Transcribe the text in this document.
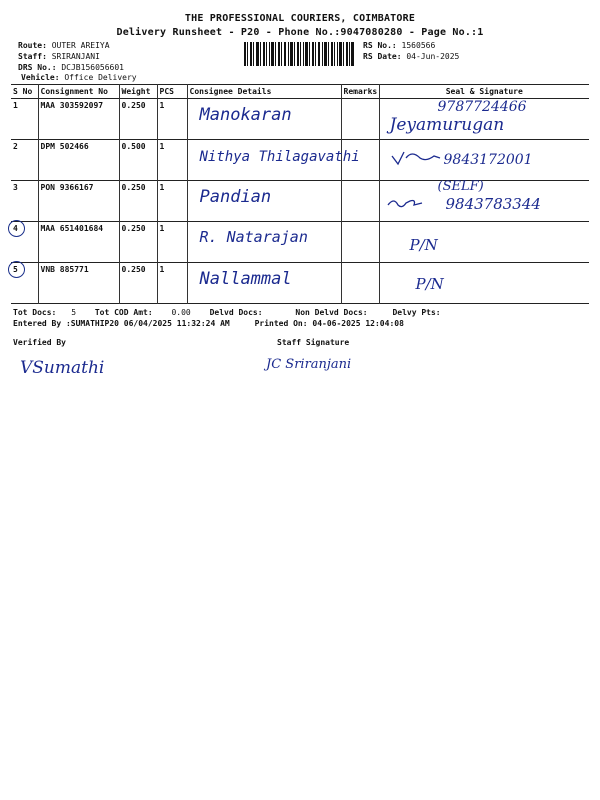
THE PROFESSIONAL COURIERS, COIMBATORE
Delivery Runsheet - P20 - Phone No.:9047080280 - Page No.:1
Route: OUTER AREIYA
Staff: SRIRANJANI
DRS No.: DCJB156056601
Vehicle: Office Delivery
RS No.: 1560566
RS Date: 04-Jun-2025
S No	Consignment No	Weight	PCS	Consignee Details	Remarks	Seal & Signature
1	MAA 303592097	0.250	1	Manokaran		9787724466
Jeyamurugan

2	DPM 502466	0.500	1	Nithya Thilagavathi		9843172001

3	PON 9366167	0.250	1	Pandian		(SELF)
9843783344

4	MAA 651401684	0.250	1	R. Natarajan		P/N

5	VNB 885771	0.250	1	Nallammal		P/N
Tot Docs: 5 Tot COD Amt: 0.00 Delvd Docs:	Non Delvd Docs:	Delvy Pts:
Entered By :SUMATHIP20 06/04/2025 11:32:24 AM	Printed On: 04-06-2025 12:04:08
Verified By	Staff Signature
VSumathi	JC Sriranjani
